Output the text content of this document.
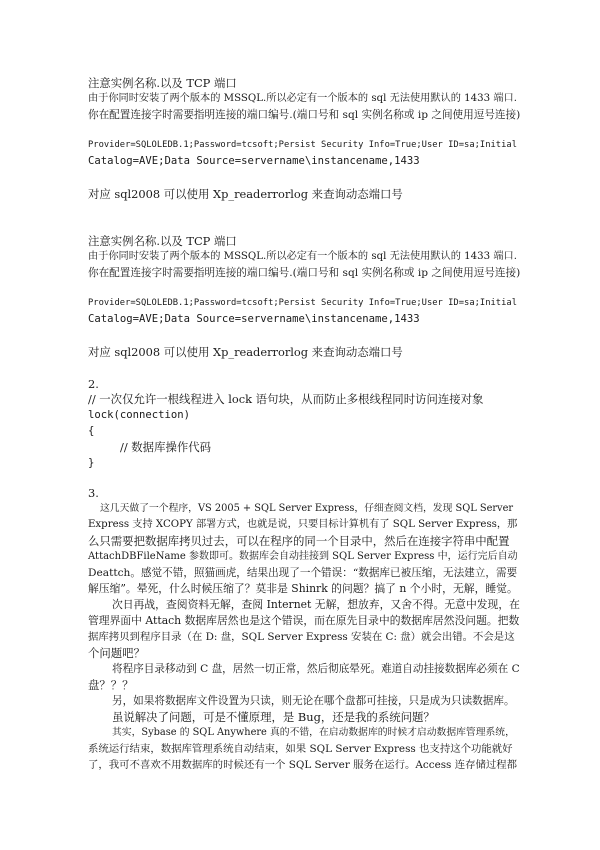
注意实例名称.以及 TCP 端口
由于你同时安装了两个版本的 MSSQL.所以必定有一个版本的 sql 无法使用默认的 1433 端口.
你在配置连接字时需要指明连接的端口编号.(端口号和 sql 实例名称或 ip 之间使用逗号连接)
Provider=SQLOLEDB.1;Password=tcsoft;Persist Security Info=True;User ID=sa;Initial
Catalog=AVE;Data Source=servername\instancename,1433
对应 sql2008 可以使用 Xp_readerrorlog 来查询动态端口号
注意实例名称.以及 TCP 端口
由于你同时安装了两个版本的 MSSQL.所以必定有一个版本的 sql 无法使用默认的 1433 端口.
你在配置连接字时需要指明连接的端口编号.(端口号和 sql 实例名称或 ip 之间使用逗号连接)
Provider=SQLOLEDB.1;Password=tcsoft;Persist Security Info=True;User ID=sa;Initial
Catalog=AVE;Data Source=servername\instancename,1433
对应 sql2008 可以使用 Xp_readerrorlog 来查询动态端口号
2.
// 一次仅允许一根线程进入 lock 语句块，从而防止多根线程同时访问连接对象
lock(connection)
{
// 数据库操作代码
}
3.
这几天做了一个程序，VS 2005 + SQL Server Express，仔细查阅文档，发现 SQL Server
Express 支持 XCOPY 部署方式，也就是说，只要目标计算机有了 SQL Server Express，那
么只需要把数据库拷贝过去，可以在程序的同一个目录中，然后在连接字符串中配置
AttachDBFileName 参数即可。数据库会自动挂接到 SQL Server Express 中，运行完后自动
Deattch。感觉不错，照猫画虎，结果出现了一个错误：“数据库已被压缩，无法建立，需要
解压缩”。晕死，什么时候压缩了？莫非是 Shinrk 的问题？搞了 n 个小时，无解，睡觉。
次日再战，查阅资料无解，查阅 Internet 无解，想放弃，又舍不得。无意中发现，在
管理界面中 Attach 数据库居然也是这个错误，而在原先目录中的数据库居然没问题。把数
据库拷贝到程序目录（在 D: 盘，SQL Server Express 安装在 C: 盘）就会出错。不会是这
个问题吧？
将程序目录移动到 C 盘，居然一切正常，然后彻底晕死。难道自动挂接数据库必须在 C
盘？？？
另，如果将数据库文件设置为只读，则无论在哪个盘都可挂接，只是成为只读数据库。
虽说解决了问题，可是不懂原理，是 Bug，还是我的系统问题？
其实，Sybase 的 SQL Anywhere 真的不错，在启动数据库的时候才启动数据库管理系统，
系统运行结束，数据库管理系统自动结束，如果 SQL Server Express 也支持这个功能就好
了，我可不喜欢不用数据库的时候还有一个 SQL Server 服务在运行。Access 连存储过程都
